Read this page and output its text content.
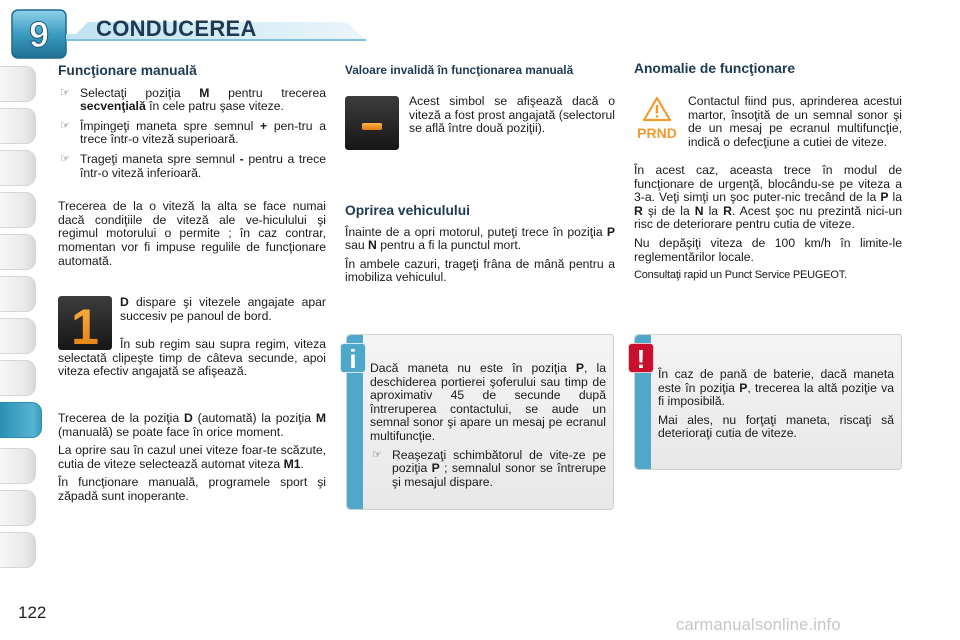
9 CONDUCEREA
Funcţionare manuală
☞ Selectaţi poziţia M pentru trecerea secvenţială în cele patru şase viteze.
☞ Împingeţi maneta spre semnul + pen-tru a trece într-o viteză superioară.
☞ Trageţi maneta spre semnul - pentru a trece într-o viteză inferioară.

Trecerea de la o viteză la alta se face numai dacă condiţiile de viteză ale ve-hiculului şi regimul motorului o permite ; în caz contrar, momentan vor fi impuse regulile de funcţionare automată.

1 D dispare şi vitezele angajate apar succesiv pe panoul de bord.

În sub regim sau supra regim, viteza selectată clipeşte timp de câteva secunde, apoi viteza efectiv angajată se afişează.

Trecerea de la poziţia D (automată) la poziţia M (manuală) se poate face în orice moment.

La oprire sau în cazul unei viteze foar-te scăzute, cutia de viteze selectează automat viteza M1.

În funcţionare manuală, programele sport şi zăpadă sunt inoperante.

Valoare invalidă în funcţionarea manuală
Acest simbol se afişează dacă o viteză a fost prost angajată (selectorul se află între două poziţii).
Oprirea vehiculului

Înainte de a opri motorul, puteţi trece în poziţia P sau N pentru a fi la punctul mort.

În ambele cazuri, trageţi frâna de mână pentru a imobiliza vehiculul.

i Dacă maneta nu este în poziţia P, la deschiderea portierei şoferului sau timp de aproximativ 45 de secunde după întreruperea contactului, se aude un semnal sonor şi apare un mesaj pe ecranul multifuncţie.

☞ Reaşezaţi schimbătorul de vite-ze pe poziţia P ; semnalul sonor se întrerupe şi mesajul dispare.
Anomalie de funcţionare
PRND
Contactul fiind pus, aprinderea acestui martor, însoţită de un semnal sonor şi de un mesaj pe ecranul multifuncţie, indică o defecţiune a cutiei de viteze.

În acest caz, aceasta trece în modul de funcţionare de urgenţă, blocându-se pe viteza a 3-a. Veţi simţi un şoc puter-nic trecând de la P la R şi de la N la R. Acest şoc nu prezintă nici-un risc de deteriorare pentru cutia de viteze.

Nu depăşiţi viteza de 100 km/h în limite-le reglementărilor locale.

Consultaţi rapid un Punct Service PEUGEOT.

! În caz de pană de baterie, dacă maneta este în poziţia P, trecerea la altă poziţie va fi imposibilă.

Mai ales, nu forţaţi maneta, riscaţi să deterioraţi cutia de viteze.

122
carmanualsonline.info
